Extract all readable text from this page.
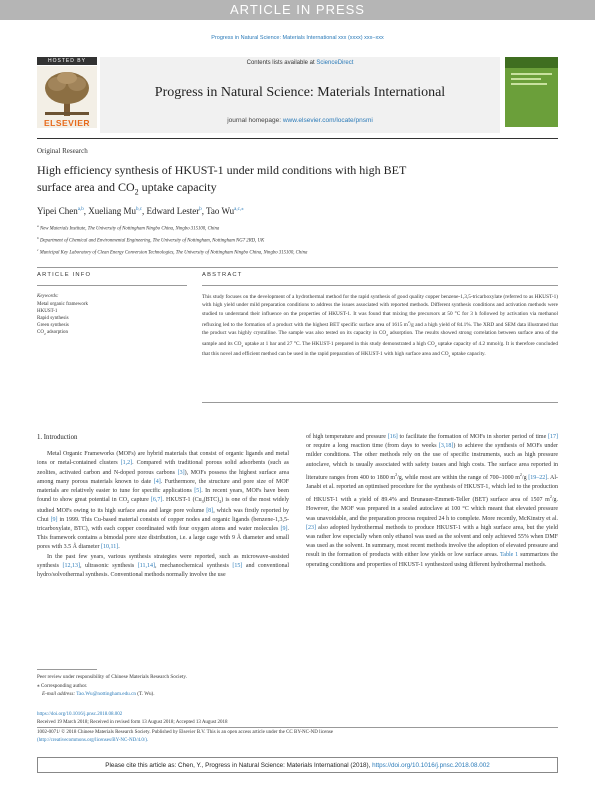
ARTICLE IN PRESS
Progress in Natural Science: Materials International xxx (xxxx) xxx–xxx
HOSTED BY
ELSEVIER
Contents lists available at ScienceDirect
Progress in Natural Science: Materials International
journal homepage: www.elsevier.com/locate/pnsmi
Original Research
High efficiency synthesis of HKUST-1 under mild conditions with high BET
surface area and $CO_2$ uptake capacity
Yipei Chen$^{a,b}$, Xueliang Mu$^{b,c}$, Edward Lester$^b$, Tao $Wu^{a,c,⁎}$
$^a$ New Materials Institute, The University of Nottingham Ningbo China, Ningbo 315100, China
$^b$ Department of Chemical and Environmental Engineering, The University of Nottingham, Nottingham NG7 2RD, UK
$^c$ Municipal Key Laboratory of Clean Energy Conversion Technologies, The University of Nottingham Ningbo China, Ningbo 315100, China
ARTICLE INFO	ABSTRACT
Keywords:
Metal organic framework
HKUST-1
Rapid synthesis
Green synthesis
$CO_2$ adsorption
This study focuses on the development of a hydrothermal method for the rapid synthesis of good quality copper benzene-1,3,5-tricarboxylate (referred to as HKUST-1) with high yield under mild preparation conditions to address the issues associated with reported methods. Different synthesis conditions and activation methods were studied to understand their influence on the properties of HKUST-1. It was found that mixing the precursors at 50 °C for 3 h followed by activation via methanol refluxing led to the formation of a product with the highest BET specific surface area of 1615 $m^2/g$ and a high yield of 84.1%. The XRD and SEM data illustrated that the product was highly crystalline. The sample was also tested on its capacity in $CO_2$ adsorption. The results showed strong correlation between surface area of the sample and its $CO_2$ uptake at 1 bar and 27 °C. The HKUST-1 prepared in this study demonstrated a high $CO_2$ uptake capacity of 4.2 mmol/g. It is therefore concluded that this novel and efficient method can be used in the rapid preparation of HKUST-1 with high surface area and $CO_2$ uptake capacity.
1. Introduction
Metal Organic Frameworks (MOFs) are hybrid materials that consist of organic ligands and metal ions or metal-contained clusters [1,2]. Compared with traditional porous solid adsorbents (such as zeolites, activated carbon and N-doped porous carbons [3]), MOFs possess the highest surface area among many porous materials known to date [4]. Furthermore, the structure and pore size of MOF materials are relatively easier to tune for specific applications [5]. In recent years, MOFs have been found to show great potential in $CO_2$ capture [6,7]. HKUST-1 $(Cu_3(BTC)_2)$ is one of the most widely studied MOFs owing to its high surface area and large pore volume [8], which was firstly reported by Chui [9] in 1999. This Cu-based material consists of copper nodes and organic ligands (benzene-1,3,5-tricarboxylate, BTC), with each copper coordinated with four oxygen atoms and water molecules [9]. This framework contains a bimodal pore size distribution, i.e. a large cage with 9 Å diameter and small pores with 3.5 Å diameter [10,11].
In the past few years, various synthesis strategies were reported, such as microwave-assisted synthesis [12,13], ultrasonic synthesis [11,14], mechanochemical synthesis [15] and conventional hydro/solvothermal synthesis. Conventional methods normally involve the use
of high temperature and pressure [16] to facilitate the formation of MOFs in shorter period of time [17] or require a long reaction time (from days to weeks [3,18]) to achieve the synthesis of MOFs under milder conditions. The other methods rely on the use of specific instruments, such as high pressure autoclave, which is usually associated with safety issues and high costs. The surface area reported in literature ranges from 400 to 1800 $m^2/g$, while most are within the range of 700–1000 $m^2/g$ [19–22]. Al-Janabi et al. reported an optimised procedure for the synthesis of HKUST-1, which led to the production of HKUST-1 with a yield of 89.4% and Brunauer-Emmett-Teller (BET) surface area of 1507 $m^2/g$. However, the MOF was prepared in a sealed autoclave at 100 °C which meant that elevated pressure was unavoidable, and the preparation process required 24 h to complete. More recently, McKinstry et al. [23] also adopted hydrothermal methods to produce HKUST-1 with a high surface area, but the yield was rather low especially when only ethanol was used as the solvent and only achieved 55% when DMF was used as the solvent. In summary, most recent methods involve the adoption of elevated pressure and result in the formation of products with either low yields or low surface areas. Table 1 summarizes the operating conditions and properties of HKUST-1 synthesized using different hydrothermal methods.
Peer review under responsibility of Chinese Materials Research Society.
⁎ Corresponding author.
E-mail address: Tao.Wu@nottingham.edu.cn (T. Wu).
https://doi.org/10.1016/j.pnsc.2018.08.002
Received 19 March 2018; Received in revised form 13 August 2018; Accepted 13 August 2018
1002-0071/ © 2018 Chinese Materials Research Society. Published by Elsevier B.V. This is an open access article under the CC BY-NC-ND license
(http://creativecommons.org/licenses/BY-NC-ND/4.0/).
Please cite this article as: Chen, Y., Progress in Natural Science: Materials International (2018), https://doi.org/10.1016/j.pnsc.2018.08.002
